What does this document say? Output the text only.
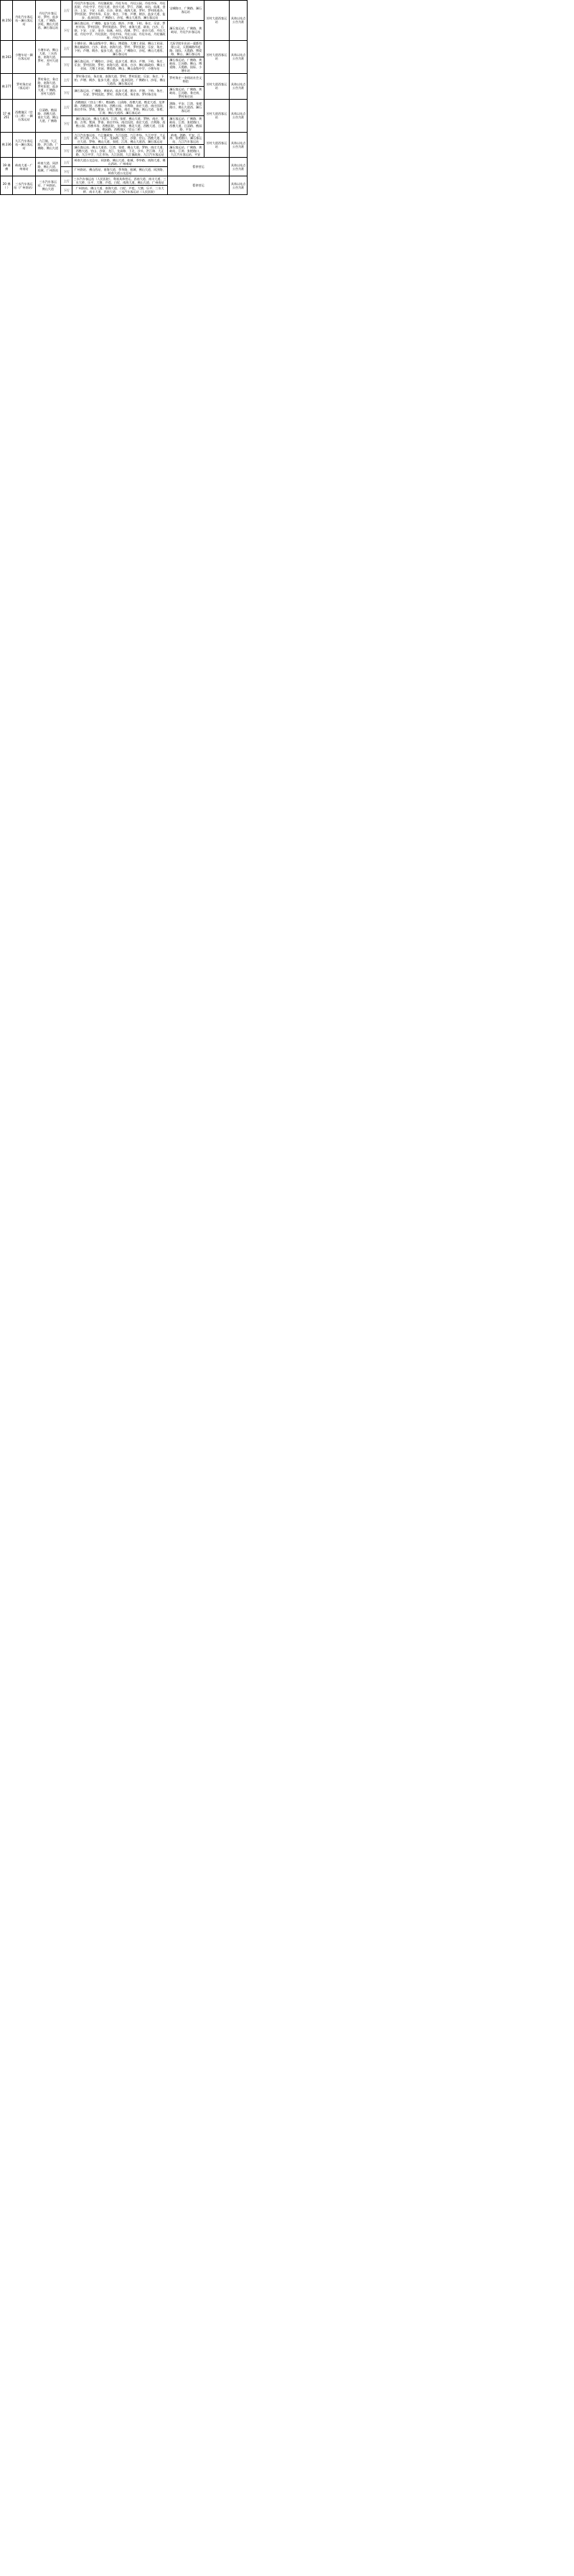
佛 250	丹灶汽车客运站－澜石客运站	丹灶汽车客运站、罗村、盐步大道、广佛路、沙尾、佛山大道西、澜石客运站	上行	丹灶汽车客运站、丹灶镇政府、丹灶车站、丹灶公园、丹灶市场、丹灶医院、丹灶中学、丹灶大道、金沙大道、罗行、西城、赤坑、仙溪、金沙、上安、下安、石联、白沙、联表、南海大道、罗村、罗村街道办、罗村医院、罗村市场、乐安、务庄、下柏、芦塘、朗沙、盐步大道、盐步、盐步医院、广佛路口、沙尾、佛山大道西、澜石客运站	宝城路口、广佛路、澜石客运站	芳村大道西客运站	具体以站点公告为准
			下行	澜石客运站、广佛路、盐步大道、朗沙、芦塘、下柏、务庄、乐安、罗村市场、罗村医院、罗村街道办、罗村、南海大道、联表、白沙、石联、下安、上安、金沙、仙溪、赤坑、西城、罗行、金沙大道、丹灶大道、丹灶中学、丹灶医院、丹灶市场、丹灶公园、丹灶车站、丹灶镇政府、丹灶汽车客运站	澜石客运站、广佛路、黄岐站、丹灶汽车客运站		
佛 263	小塘车站－澜石客运站	小塘车站、狮山大道、三水西南、南海大道、罗村、芳村大道西	上行	小塘车站、狮山高级中学、狮山、博爱路、大塘工业园、狮山工业园、狮山镇政府、白沙、联表、南海大道、罗村、罗村医院、乐安、务庄、下柏、芦塘、朗沙、盐步大道、盐步、广佛路口、沙尾、佛山大道西、澜石客运站	大沥学院车出站－霍都有限公司、天霞城路市道路、国际、天霞路、博爱路、狮山、澜石客运站	芳村大道西客运站	具体以站点公告为准
			下行	澜石客运站、广佛路口、沙尾、盐步大道、朗沙、芦塘、下柏、务庄、乐安、罗村医院、罗村、南海大道、联表、白沙、狮山镇政府、狮山工业园、大塘工业园、博爱路、狮山、狮山高级中学、小塘车站	澜石客运站、广佛路、黄岐站、江河路、狮山、博爱路、天霞路、国际、小塘车站		
佛 277	罗村务庄站（客运站）	罗村务庄、务庄路、南海大道、罗村医院、盐步大道、广佛路、芳村大道西	上行	罗村务庄站、务庄南、南海大道、罗村、罗村医院、乐安、务庄、下柏、芦塘、朗沙、盐步大道、盐步、盐步医院、广佛路口、沙尾、佛山大道西、澜石客运站	罗村务庄－金线站社会文物馆	芳村大道西客运站	具体以站点公告为准
			下行	澜石客运站、广佛路、黄岐站、盐步大道、朗沙、芦塘、下柏、务庄、乐安、罗村医院、罗村、南海大道、务庄南、罗村务庄站	澜石客运站、广佛路、黄岐站、江河路、务庄南、罗村务庄站		
17 佛 251	西樵镇区（官山二桥）－澜石客运站	日清路、樵园路、西樵大道、南庄大道、佛山大道、广佛路	上行	西樵镇区（官山二桥）、樵园路、日清路、西樵大道、樵北大道、龙津路、西樵医院、西樵市场、西樵公园、吉利路、南庄大道、南庄医院、南庄市场、罗南、紫洞、吉利、紫南、南庄、罗格、佛山大道、张槎、江湾、佛山大道西、澜石客运站	酒路、平安、江湾、张槎路口、佛山大道西、澜石客运站	芳村大道西客运站	具体以站点公告为准
			下行	澜石客运站、佛山大道西、江湾、张槎、佛山大道、罗格、南庄、紫南、吉利、紫洞、罗南、南庄市场、南庄医院、南庄大道、吉利路、西樵公园、西樵市场、西樵医院、龙津路、樵北大道、西樵大道、日清路、樵园路、西樵镇区（官山二桥）	澜石客运站、广佛路、黄岐站、江湾、张槎路口、西樵大道、日清路、樵园路、平安		
佛 236	九江汽车客运站－澜石客运站	九江镇、大正路、洪江路、广佛路、佛山大道	上行	九江汽车客运站、九江镇政府、九江医院、九江市场、九江中学、大正路、洪江路、沙头、下北、龙高路、龙江、沙富、官山、西樵大道、南庄大道、罗格、佛山大道、张槎、江湾、佛山大道西、澜石客运站	岭南、酒路、平安、江湾、张槎路口、澜石客运站、九江汽车客运站	芳村大道西客运站	具体以站点公告为准
			下行	澜石客运站、佛山大道西、江湾、张槎、佛山大道、罗格、南庄大道、西樵大道、官山、沙富、龙江、龙高路、下北、沙头、洪江路、大正路、九江中学、九江市场、九江医院、九江镇政府、九江汽车客运站	澜石客运站、广佛路、黄岐站、江湾、张槎路口、九江汽车客运站、平安		
19 佛 佛	岭南大道－广州南站	岭南大道、同济路、佛山大道、桂城、广州南站	上行	岭南大道公交总站、同济路、佛山大道、桂城、季华路、南海大道、佛山西站、广州南站	暂停营运		具体以站点公告为准
			下行	广州南站、佛山西站、南海大道、季华路、桂城、佛山大道、同济路、岭南大道公交总站			
20 佛 （ ）	三水汽车客运站（广州南站）	三水汽车客运站、广州南站、佛山大道	上行	三水汽车客运站（人民医院）、粤富具体营运、西南大道、南丰大道、三水大桥、乐平、大塘、芦苞、白坭、南海大道、佛山大道、广州南站	暂停营运		具体以站点公告为准
			下行	广州南站、佛山大道、南海大道、白坭、芦苞、大塘、乐平、三水大桥、南丰大道、西南大道、三水汽车客运站（人民医院）			
